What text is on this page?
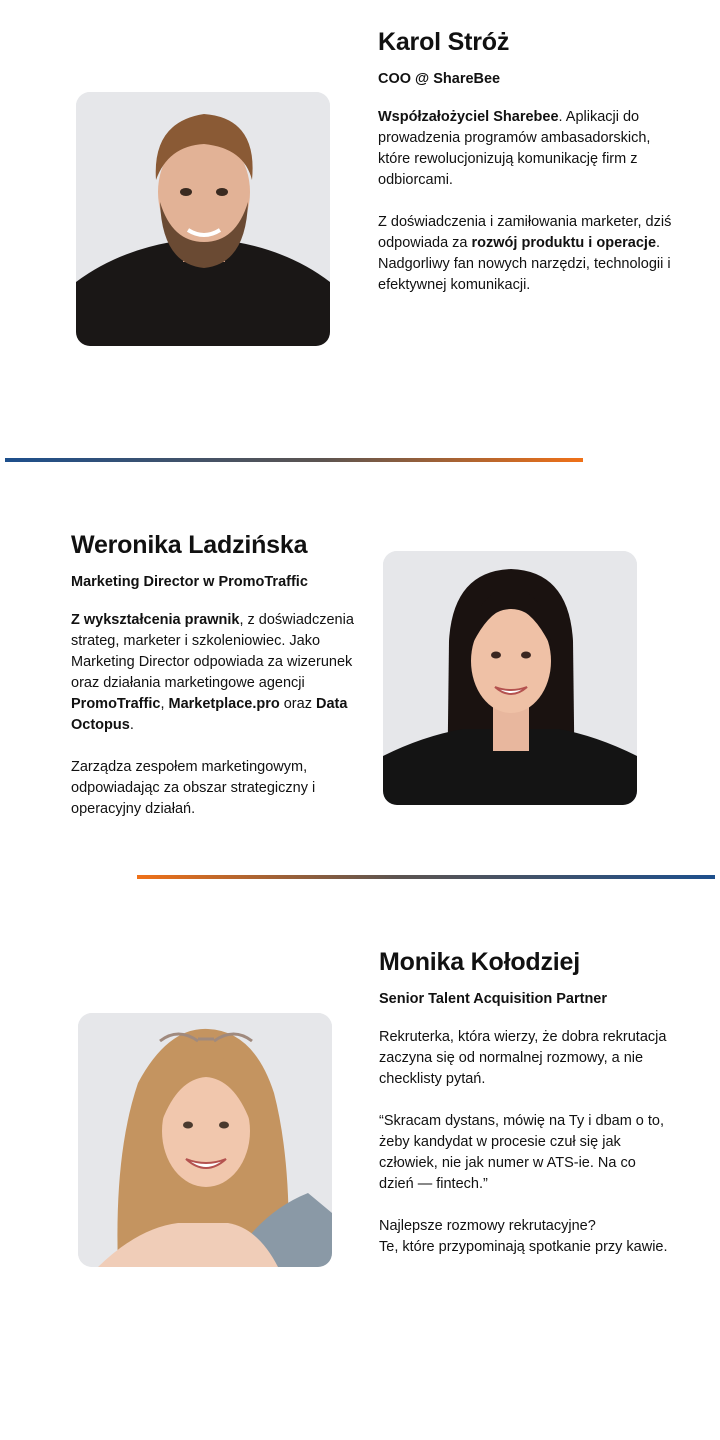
Karol Stróż
COO @ ShareBee
Współzałożyciel Sharebee. Aplikacji do prowadzenia programów ambasadorskich, które rewolucjonizują komunikację firm z odbiorcami.
Z doświadczenia i zamiłowania marketer, dziś odpowiada za rozwój produktu i operacje. Nadgorliwy fan nowych narzędzi, technologii i efektywnej komunikacji.
Weronika Ladzińska
Marketing Director w PromoTraffic
Z wykształcenia prawnik, z doświadczenia strateg, marketer i szkoleniowiec. Jako Marketing Director odpowiada za wizerunek oraz działania marketingowe agencji PromoTraffic, Marketplace.pro oraz Data Octopus.
Zarządza zespołem marketingowym, odpowiadając za obszar strategiczny i operacyjny działań.
Monika Kołodziej
Senior Talent Acquisition Partner
Rekruterka, która wierzy, że dobra rekrutacja zaczyna się od normalnej rozmowy, a nie checklisty pytań.
“Skracam dystans, mówię na Ty i dbam o to, żeby kandydat w procesie czuł się jak człowiek, nie jak numer w ATS-ie. Na co dzień — fintech.”
Najlepsze rozmowy rekrutacyjne?
Te, które przypominają spotkanie przy kawie.
